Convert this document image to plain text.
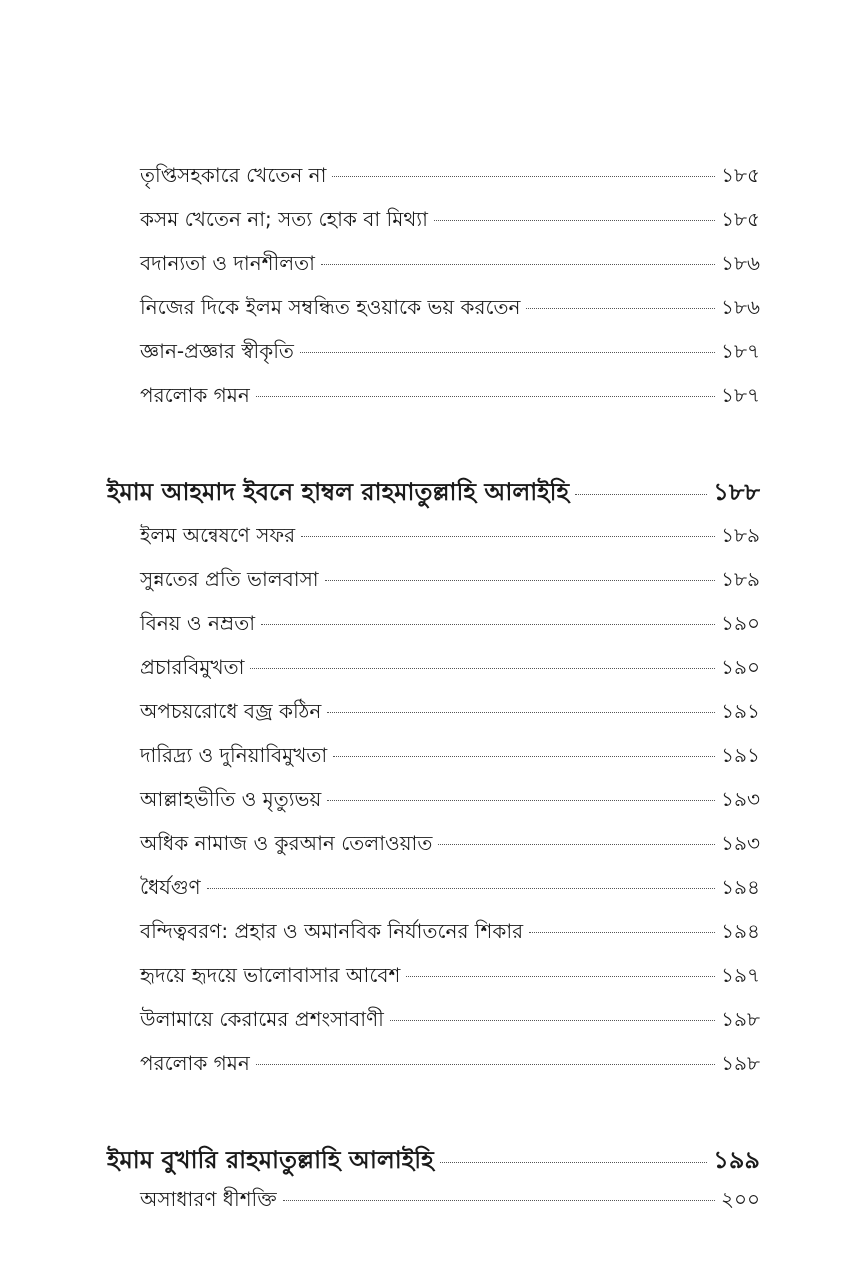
তৃপ্তিসহকারে খেতেন না	১৮৫
কসম খেতেন না; সত্য হোক বা মিথ্যা	১৮৫
বদান্যতা ও দানশীলতা	১৮৬
নিজের দিকে ইলম সম্বন্ধিত হওয়াকে ভয় করতেন	১৮৬
জ্ঞান-প্রজ্ঞার স্বীকৃতি	১৮৭
পরলোক গমন	১৮৭
ইমাম আহমাদ ইবনে হাম্বল রাহমাতুল্লাহি আলাইহি	১৮৮
ইলম অন্বেষণে সফর	১৮৯
সুন্নতের প্রতি ভালবাসা	১৮৯
বিনয় ও নম্রতা	১৯০
প্রচারবিমুখতা	১৯০
অপচয়রোধে বজ্র কঠিন	১৯১
দারিদ্র্য ও দুনিয়াবিমুখতা	১৯১
আল্লাহভীতি ও মৃত্যুভয়	১৯৩
অধিক নামাজ ও কুরআন তেলাওয়াত	১৯৩
ধৈর্যগুণ	১৯৪
বন্দিত্ববরণ: প্রহার ও অমানবিক নির্যাতনের শিকার	১৯৪
হৃদয়ে হৃদয়ে ভালোবাসার আবেশ	১৯৭
উলামায়ে কেরামের প্রশংসাবাণী	১৯৮
পরলোক গমন	১৯৮
ইমাম বুখারি রাহমাতুল্লাহি আলাইহি	১৯৯
অসাধারণ ধীশক্তি	২০০
